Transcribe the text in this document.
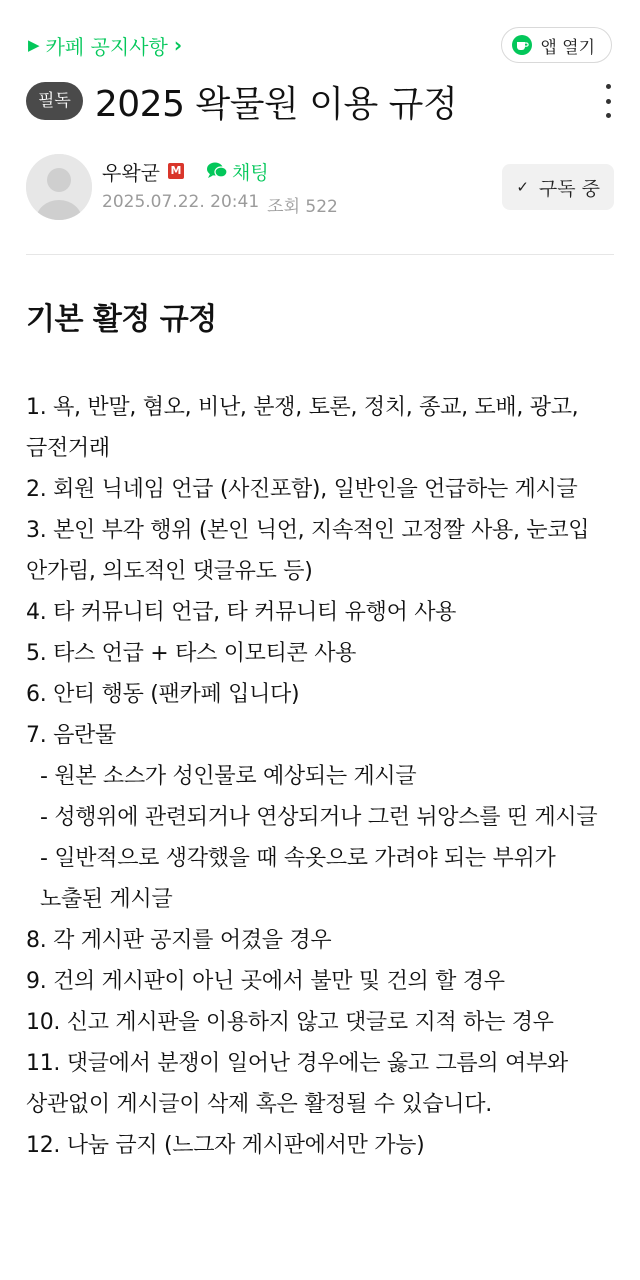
▶ 카페 공지사항 ›	앱 열기
필독 2025 왁물원 이용 규정
우왁굳 M	채팅
2025.07.22. 20:41 조회 522
✓ 구독 중
기본 활정 규정

1. 욕, 반말, 혐오, 비난, 분쟁, 토론, 정치, 종교, 도배, 광고, 금전거래

2. 회원 닉네임 언급 (사진포함), 일반인을 언급하는 게시글

3. 본인 부각 행위 (본인 닉언, 지속적인 고정짤 사용, 눈코입 안가림, 의도적인 댓글유도 등)

4. 타 커뮤니티 언급, 타 커뮤니티 유행어 사용

5. 타스 언급 + 타스 이모티콘 사용

6. 안티 행동 (팬카페 입니다)

7. 음란물

- 원본 소스가 성인물로 예상되는 게시글

- 성행위에 관련되거나 연상되거나 그런 뉘앙스를 띤 게시글

- 일반적으로 생각했을 때 속옷으로 가려야 되는 부위가 노출된 게시글

8. 각 게시판 공지를 어겼을 경우

9. 건의 게시판이 아닌 곳에서 불만 및 건의 할 경우

10. 신고 게시판을 이용하지 않고 댓글로 지적 하는 경우

11. 댓글에서 분쟁이 일어난 경우에는 옳고 그름의 여부와 상관없이 게시글이 삭제 혹은 활정될 수 있습니다.

12. 나눔 금지 (느그자 게시판에서만 가능)
